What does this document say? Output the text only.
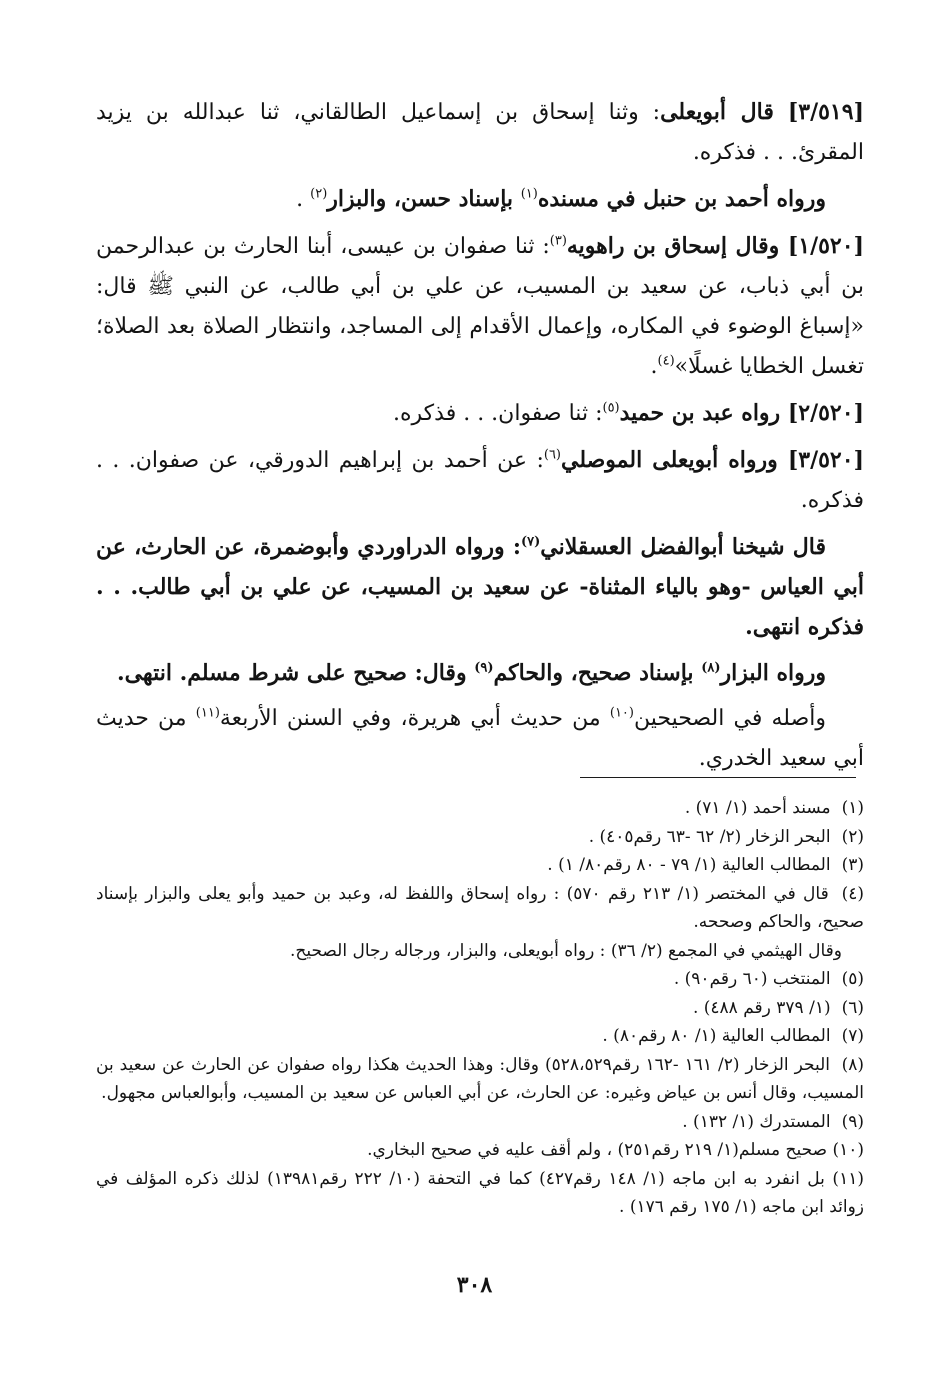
[٣/٥١٩] قال أبويعلى: وثنا إسحاق بن إسماعيل الطالقاني، ثنا عبدالله بن يزيد المقرئ. . . فذكره.

ورواه أحمد بن حنبل في مسنده$^{(١)}$ بإسناد حسن، والبزار$^{(٢)}$ .

[١/٥٢٠] وقال إسحاق بن راهويه$^{(٣)}$: ثنا صفوان بن عيسى، أبنا الحارث بن عبدالرحمن بن أبي ذباب، عن سعيد بن المسيب، عن علي بن أبي طالب، عن النبي ﷺ قال: «إسباغ الوضوء في المكاره، وإعمال الأقدام إلى المساجد، وانتظار الصلاة بعد الصلاة؛ تغسل الخطايا غسلًا»$^{(٤)}$.

[٢/٥٢٠] رواه عبد بن حميد$^{(٥)}$: ثنا صفوان. . . فذكره.

[٣/٥٢٠] ورواه أبويعلى الموصلي$^{(٦)}$: عن أحمد بن إبراهيم الدورقي، عن صفوان. . . فذكره.

قال شيخنا أبوالفضل العسقلاني$^{(٧)}$: ورواه الدراوردي وأبوضمرة، عن الحارث، عن أبي العياس -وهو بالياء المثناة- عن سعيد بن المسيب، عن علي بن أبي طالب. . . فذكره انتهى.

ورواه البزار$^{(٨)}$ بإسناد صحيح، والحاكم$^{(٩)}$ وقال: صحيح على شرط مسلم. انتهى.

وأصله في الصحيحين$^{(١٠)}$ من حديث أبي هريرة، وفي السنن الأربعة$^{(١١)}$ من حديث أبي سعيد الخدري.

(١) مسند أحمد (١/ ٧١) .

(٢) البحر الزخار (٢/ ٦٢ -٦٣ رقم٤٠٥) .

(٣) المطالب العالية (١/ ٧٩ - ٨٠ رقم٨٠/ ١) .

(٤) قال في المختصر (١/ ٢١٣ رقم ٥٧٠) : رواه إسحاق واللفظ له، وعبد بن حميد وأبو يعلى والبزار بإسناد صحيح، والحاكم وصححه.

وقال الهيثمي في المجمع (٢/ ٣٦) : رواه أبويعلى، والبزار، ورجاله رجال الصحيح.

(٥) المنتخب (٦٠ رقم٩٠) .

(٦) (١/ ٣٧٩ رقم ٤٨٨) .

(٧) المطالب العالية (١/ ٨٠ رقم٨٠) .

(٨) البحر الزخار (٢/ ١٦١ -١٦٢ رقم٥٢٨،٥٢٩) وقال: وهذا الحديث هكذا رواه صفوان عن الحارث عن سعيد بن المسيب، وقال أنس بن عياض وغيره: عن الحارث، عن أبي العباس عن سعيد بن المسيب، وأبوالعباس مجهول.

(٩) المستدرك (١/ ١٣٢) .

(١٠) صحيح مسلم(١/ ٢١٩ رقم٢٥١) ، ولم أقف عليه في صحيح البخاري.

(١١) بل انفرد به ابن ماجه (١/ ١٤٨ رقم٤٢٧) كما في التحفة (١٠/ ٢٢٢ رقم١٣٩٨١) لذلك ذكره المؤلف في زوائد ابن ماجه (١/ ١٧٥ رقم ١٧٦) .

٣٠٨
